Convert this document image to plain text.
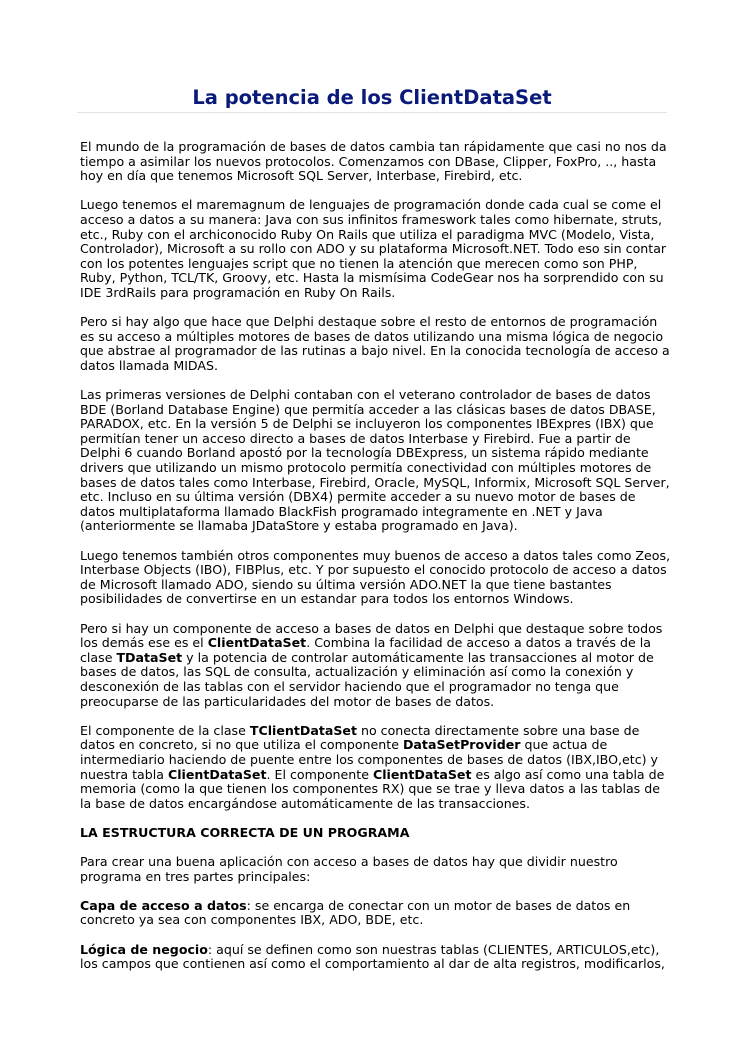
La potencia de los ClientDataSet

El mundo de la programación de bases de datos cambia tan rápidamente que casi no nos da
tiempo a asimilar los nuevos protocolos. Comenzamos con DBase, Clipper, FoxPro, .., hasta
hoy en día que tenemos Microsoft SQL Server, Interbase, Firebird, etc.

Luego tenemos el maremagnum de lenguajes de programación donde cada cual se come el
acceso a datos a su manera: Java con sus infinitos frameswork tales como hibernate, struts,
etc., Ruby con el archiconocido Ruby On Rails que utiliza el paradigma MVC (Modelo, Vista,
Controlador), Microsoft a su rollo con ADO y su plataforma Microsoft.NET. Todo eso sin contar
con los potentes lenguajes script que no tienen la atención que merecen como son PHP,
Ruby, Python, TCL/TK, Groovy, etc. Hasta la mismísima CodeGear nos ha sorprendido con su
IDE 3rdRails para programación en Ruby On Rails.

Pero si hay algo que hace que Delphi destaque sobre el resto de entornos de programación
es su acceso a múltiples motores de bases de datos utilizando una misma lógica de negocio
que abstrae al programador de las rutinas a bajo nivel. En la conocida tecnología de acceso a
datos llamada MIDAS.

Las primeras versiones de Delphi contaban con el veterano controlador de bases de datos
BDE (Borland Database Engine) que permitía acceder a las clásicas bases de datos DBASE,
PARADOX, etc. En la versión 5 de Delphi se incluyeron los componentes IBExpres (IBX) que
permitían tener un acceso directo a bases de datos Interbase y Firebird. Fue a partir de
Delphi 6 cuando Borland apostó por la tecnología DBExpress, un sistema rápido mediante
drivers que utilizando un mismo protocolo permitía conectividad con múltiples motores de
bases de datos tales como Interbase, Firebird, Oracle, MySQL, Informix, Microsoft SQL Server,
etc. Incluso en su última versión (DBX4) permite acceder a su nuevo motor de bases de
datos multiplataforma llamado BlackFish programado integramente en .NET y Java
(anteriormente se llamaba JDataStore y estaba programado en Java).

Luego tenemos también otros componentes muy buenos de acceso a datos tales como Zeos,
Interbase Objects (IBO), FIBPlus, etc. Y por supuesto el conocido protocolo de acceso a datos
de Microsoft llamado ADO, siendo su última versión ADO.NET la que tiene bastantes
posibilidades de convertirse en un estandar para todos los entornos Windows.

Pero si hay un componente de acceso a bases de datos en Delphi que destaque sobre todos
los demás ese es el ClientDataSet. Combina la facilidad de acceso a datos a través de la
clase TDataSet y la potencia de controlar automáticamente las transacciones al motor de
bases de datos, las SQL de consulta, actualización y eliminación así como la conexión y
desconexión de las tablas con el servidor haciendo que el programador no tenga que
preocuparse de las particularidades del motor de bases de datos.

El componente de la clase TClientDataSet no conecta directamente sobre una base de
datos en concreto, si no que utiliza el componente DataSetProvider que actua de
intermediario haciendo de puente entre los componentes de bases de datos (IBX,IBO,etc) y
nuestra tabla ClientDataSet. El componente ClientDataSet es algo así como una tabla de
memoria (como la que tienen los componentes RX) que se trae y lleva datos a las tablas de
la base de datos encargándose automáticamente de las transacciones.

LA ESTRUCTURA CORRECTA DE UN PROGRAMA

Para crear una buena aplicación con acceso a bases de datos hay que dividir nuestro
programa en tres partes principales:

Capa de acceso a datos: se encarga de conectar con un motor de bases de datos en
concreto ya sea con componentes IBX, ADO, BDE, etc.

Lógica de negocio: aquí se definen como son nuestras tablas (CLIENTES, ARTICULOS,etc),
los campos que contienen así como el comportamiento al dar de alta registros, modificarlos,
